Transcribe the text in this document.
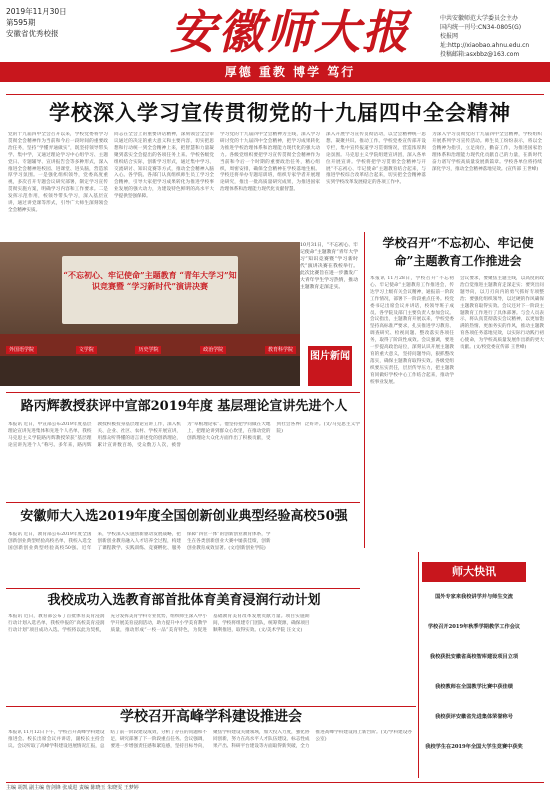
2019年11月30日
第595期
安徽省优秀校报	安徽师大报	中共安徽师范大学委员会主办
国内统一刊号:CN34-0805(G)
校报网址:http://xiaobao.ahnu.edu.cn
投稿邮箱:asxbbz@163.com
厚德 重教 博学 笃行
学校深入学习宣传贯彻党的十九届四中全会精神
党的十九届四中全会召开以来，学校党委将学习贯彻全会精神作为当前和今后一段时间的重要政治任务，坚持“学懂弄通做实”，既坚持领导带头学、集中学，又通过理论学习中心组学习、主题党日、专题辅导、宣讲报告会等多种形式，深入推进全会精神进校园、进课堂、进头脑，营造浓厚学习氛围。一是强化组织领导，党委高度重视，多次召开专题会议研究部署，制定学习宣传贯彻实施方案，明确学习内容和工作要求。二是发挥示范作用，校领导带头学习，深入基层宣讲，通过讲党课等形式，引导广大师生深刻领会全会精神实质。
同志在全会上的重要讲话精神，深刻领会全会审议通过的决定的重大意义和主要内容，切实把思想和行动统一到全会精神上来，把智慧和力量凝聚到落实全会提出的各项任务上来。学校各级党组织结合实际，创新学习形式，通过集中学习、交流研讨、知识竞赛等方式，推动全会精神入脑入心。各学院、各部门认真组织师生员工学习全会精神，引导大家把学习成果转化为推进学校事业发展的强大动力，为建设特色鲜明的高水平大学提供坚强保障。
学习党的十九届四中全会精神为主线，深入学习研讨党的十九届四中全会精神，把学习成果转化为推进学校治理体系和治理能力现代化的强大动力。各级党组织要把学习宣传贯彻全会精神作为当前和今后一个时期的重要政治任务，精心组织，周密安排，确保全会精神在学校落地生根。学校还将举办专题培训班，组织专家学者开展理论研究，推出一批高质量研究成果，为推进国家治理体系和治理能力现代化贡献智慧。
深入开展学习宣传贯彻活动，以全会精神统一思想、凝聚共识、推动工作。学校党委宣传部开设专栏，集中宣传报道学习贯彻情况，营造浓厚舆论氛围。马克思主义学院组建宣讲团，深入各单位开展宣讲。学校将把学习贯彻全会精神与开展“不忘初心、牢记使命”主题教育结合起来，与推进学校综合改革结合起来，切实把全会精神落实到学校改革发展稳定的各项工作中。
为深入学习贯彻党的十九届四中全会精神，学校组织开展系列学习宣传活动。师生员工纷纷表示，将以全会精神为指引，立足岗位，勤奋工作，为推进国家治理体系和治理能力现代化贡献自己的力量，在新时代奋力谱写学校高质量发展新篇章。学校各单位将持续深化学习，推动全会精神落地见效。(宣传部 王世峰)
“不忘初心、牢记使命”主题教育 “青年大学习”知识竞赛暨 “学习新时代”演讲决赛
外国语学院	文学院	历史学院	政治学院	教育科学院
10月31日，“不忘初心、牢记使命”主题教育“青年大学习”知识竞赛暨“学习新时代”演讲决赛在我校举行。此次比赛旨在进一步激发广大青年学生学习热情，推动主题教育走深走实。
图片新闻
学校召开“不忘初心、牢记使命”主题教育工作推进会
本报讯 11月28日，学校召开“不忘初心、牢记使命”主题教育工作推进会，传达学习上级有关会议精神，通报前一阶段工作情况，部署下一阶段重点任务。校党委书记出席会议并讲话，校领导班子成员、各学院及部门主要负责人参加会议。会议指出，主题教育开展以来，学校党委坚持高标准严要求，扎实推进学习教育、调查研究、检视问题、整改落实各项任务，取得了阶段性成效。会议强调，要进一步提高政治站位，深刻认识开展主题教育的重大意义，坚持问题导向，狠抓整改落实，确保主题教育取得实效。各级党组织要压实责任，层层传导压力，把主题教育同做好学校中心工作结合起来，推动学校事业发展。
会议要求，要聚焦主题主线，以高度的政治自觉推进主题教育走深走实；要突出问题导向，以刀刃向内的勇气抓好专项整治；要强化组织领导，以过硬的作风确保主题教育取得实效。会议还对下一阶段主题教育工作进行了具体部署。与会人员表示，将认真贯彻落实会议精神，以更加饱满的热情、更加务实的作风，推动主题教育各项任务落地见效，以实际行动践行初心使命，为学校高质量发展作出新的更大贡献。(文/校党委宣传部 王世峰)
路丙辉教授获评中宣部2019年度 基层理论宣讲先进个人
本报讯 近日，中宣部公布2019年度基层理论宣讲先进集体和先进个人名单，我校马克思主义学院路丙辉教授荣获“基层理论宣讲先进个人”称号。多年来，路丙辉教授积极投身基层理论宣讲工作，深入机关、企业、社区、农村、学校开展宣讲，用群众听得懂的语言讲述党的创新理论，累计宣讲数百场，受众数万人次，被誉为“草根理论家”。他坚持把学问做在大地上，把理论讲到群众心坎里，在推动党的创新理论大众化方面作出了积极贡献，受到社会各界广泛好评。(文/马克思主义学院)
安徽师大入选2019年度全国创新创业典型经验高校50强
本报讯 近日，教育部公布2019年度全国创新创业典型经验高校名单，我校入选全国创新创业典型经验高校50强。近年来，学校深入实施创新驱动发展战略，把创新创业教育融入人才培养全过程，构建了课程教学、实践训练、竞赛孵化、服务保障“四位一体”的创新创业教育体系，学生在各类创新创业大赛中屡获佳绩，创新创业教育成效显著。(文/创新创业学院)
师大快讯
国外专家来我校讲学并与师生交流
学校召开2019年秋季学期教学工作会议
我校获批安徽省高校智库建设项目立项
我校教师在全国教学比赛中获佳绩
我校获评安徽省先进集体荣誉称号
我校学生在2019年全国大学生竞赛中获奖
我校成功入选教育部首批体育美育浸润行动计划
本报讯 近日，教育部公布了首批体育美育浸润行动计划入选名单，我校申报的“高校美育浸润行动计划”项目成功入选。学校将以此为契机，充分发挥美育学科专业优势，组织师生深入中小学开展美育浸润活动，助力提升中小学美育教学质量，推动形成“一校一品”美育特色，为促进基础教育美育改革发展贡献力量。项目实施期间，学校将组建专门团队，统筹资源，确保项目顺利推进，取得实效。(文/美术学院 汪文文)
学校召开高峰学科建设推进会
本报讯 11月12日下午，学校召开高峰学科建设推进会。校长出席会议并讲话，副校长主持会议。会议听取了高峰学科建设进展情况汇报，总结了前一阶段建设成效，分析了存在的问题和不足，研究部署了下一阶段重点任务。会议强调，要进一步增强责任感和紧迫感，坚持目标导向，聚焦学科建设关键领域，加大投入力度，强化协同创新，努力在高水平人才队伍建设、标志性成果产出、科研平台建设等方面取得新突破，全力推进高峰学科建设再上新台阶。(文/学科建设办公室)
主编 胡凯 副主编 詹剑锋 张成进 责编 陈晓玉 朱晓雯 王梦婷
